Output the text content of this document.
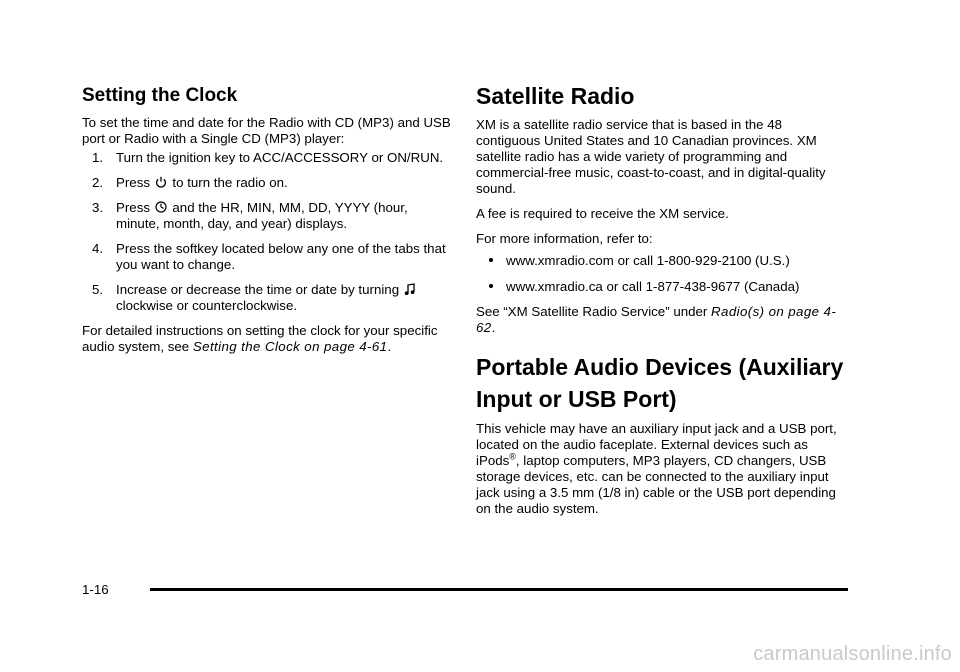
Setting the Clock

To set the time and date for the Radio with CD (MP3) and USB port or Radio with a Single CD (MP3) player:

1. Turn the ignition key to ACC/ACCESSORY or ON/RUN.
2. Press to turn the radio on.
3. Press and the HR, MIN, MM, DD, YYYY (hour, minute, month, day, and year) displays.
4. Press the softkey located below any one of the tabs that you want to change.
5. Increase or decrease the time or date by turning  clockwise or counterclockwise.

For detailed instructions on setting the clock for your specific audio system, see Setting the Clock on page 4-61.

Satellite Radio

XM is a satellite radio service that is based in the 48 contiguous United States and 10 Canadian provinces. XM satellite radio has a wide variety of programming and commercial-free music, coast-to-coast, and in digital-quality sound.

A fee is required to receive the XM service.

For more information, refer to:

www.xmradio.com or call 1-800-929-2100 (U.S.)
www.xmradio.ca or call 1-877-438-9677 (Canada)

See “XM Satellite Radio Service” under Radio(s) on page 4-62.

Portable Audio Devices (Auxiliary Input or USB Port)

This vehicle may have an auxiliary input jack and a USB port, located on the audio faceplate. External devices such as iPods®, laptop computers, MP3 players, CD changers, USB storage devices, etc. can be connected to the auxiliary input jack using a 3.5 mm (1/8 in) cable or the USB port depending on the audio system.

1-16
carmanualsonline.info
